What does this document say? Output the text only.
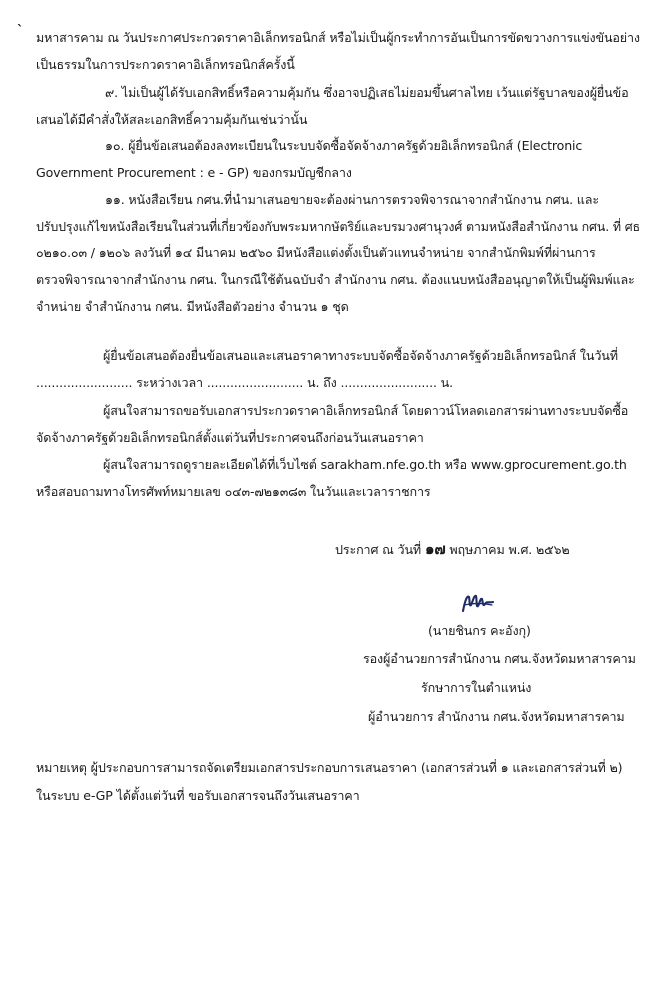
` มหาสารคาม ณ วันประกาศประกวดราคาอิเล็กทรอนิกส์ หรือไม่เป็นผู้กระทำการอันเป็นการขัดขวางการแข่งขันอย่าง
เป็นธรรมในการประกวดราคาอิเล็กทรอนิกส์ครั้งนี้
๙. ไม่เป็นผู้ได้รับเอกสิทธิ์หรือความคุ้มกัน ซึ่งอาจปฏิเสธไม่ยอมขึ้นศาลไทย เว้นแต่รัฐบาลของผู้ยื่นข้อ
เสนอได้มีคำสั่งให้สละเอกสิทธิ์ความคุ้มกันเช่นว่านั้น
๑๐. ผู้ยื่นข้อเสนอต้องลงทะเบียนในระบบจัดซื้อจัดจ้างภาครัฐด้วยอิเล็กทรอนิกส์ (Electronic
Government Procurement : e - GP) ของกรมบัญชีกลาง
๑๑. หนังสือเรียน กศน.ที่นำมาเสนอขายจะต้องผ่านการตรวจพิจารณาจากสำนักงาน กศน. และ
ปรับปรุงแก้ไขหนังสือเรียนในส่วนที่เกี่ยวข้องกับพระมหากษัตริย์และบรมวงศานุวงศ์ ตามหนังสือสำนักงาน กศน. ที่ ศธ
๐๒๑๐.๐๓ / ๑๒๐๖ ลงวันที่ ๑๔ มีนาคม ๒๕๖๐ มีหนังสือแต่งตั้งเป็นตัวแทนจำหน่าย จากสำนักพิมพ์ที่ผ่านการ
ตรวจพิจารณาจากสำนักงาน กศน. ในกรณีใช้ต้นฉบับจำ สำนักงาน กศน. ต้องแนบหนังสืออนุญาตให้เป็นผู้พิมพ์และ
จำหน่าย จำสำนักงาน กศน. มีหนังสือตัวอย่าง จำนวน ๑ ชุด
ผู้ยื่นข้อเสนอต้องยื่นข้อเสนอและเสนอราคาทางระบบจัดซื้อจัดจ้างภาครัฐด้วยอิเล็กทรอนิกส์ ในวันที่
......................... ระหว่างเวลา ......................... น. ถึง ......................... น.
ผู้สนใจสามารถขอรับเอกสารประกวดราคาอิเล็กทรอนิกส์ โดยดาวน์โหลดเอกสารผ่านทางระบบจัดซื้อ
จัดจ้างภาครัฐด้วยอิเล็กทรอนิกส์ตั้งแต่วันที่ประกาศจนถึงก่อนวันเสนอราคา
ผู้สนใจสามารถดูรายละเอียดได้ที่เว็บไซต์ sarakham.nfe.go.th หรือ www.gprocurement.go.th
หรือสอบถามทางโทรศัพท์หมายเลข ๐๔๓-๗๒๑๓๘๓ ในวันและเวลาราชการ
ประกาศ ณ วันที่ ๑๗ พฤษภาคม พ.ศ. ๒๕๖๒
(นายชินกร คะอังกุ)
รองผู้อำนวยการสำนักงาน กศน.จังหวัดมหาสารคาม
รักษาการในตำแหน่ง
ผู้อำนวยการ สำนักงาน กศน.จังหวัดมหาสารคาม
หมายเหตุ ผู้ประกอบการสามารถจัดเตรียมเอกสารประกอบการเสนอราคา (เอกสารส่วนที่ ๑ และเอกสารส่วนที่ ๒)
ในระบบ e-GP ได้ตั้งแต่วันที่ ขอรับเอกสารจนถึงวันเสนอราคา
